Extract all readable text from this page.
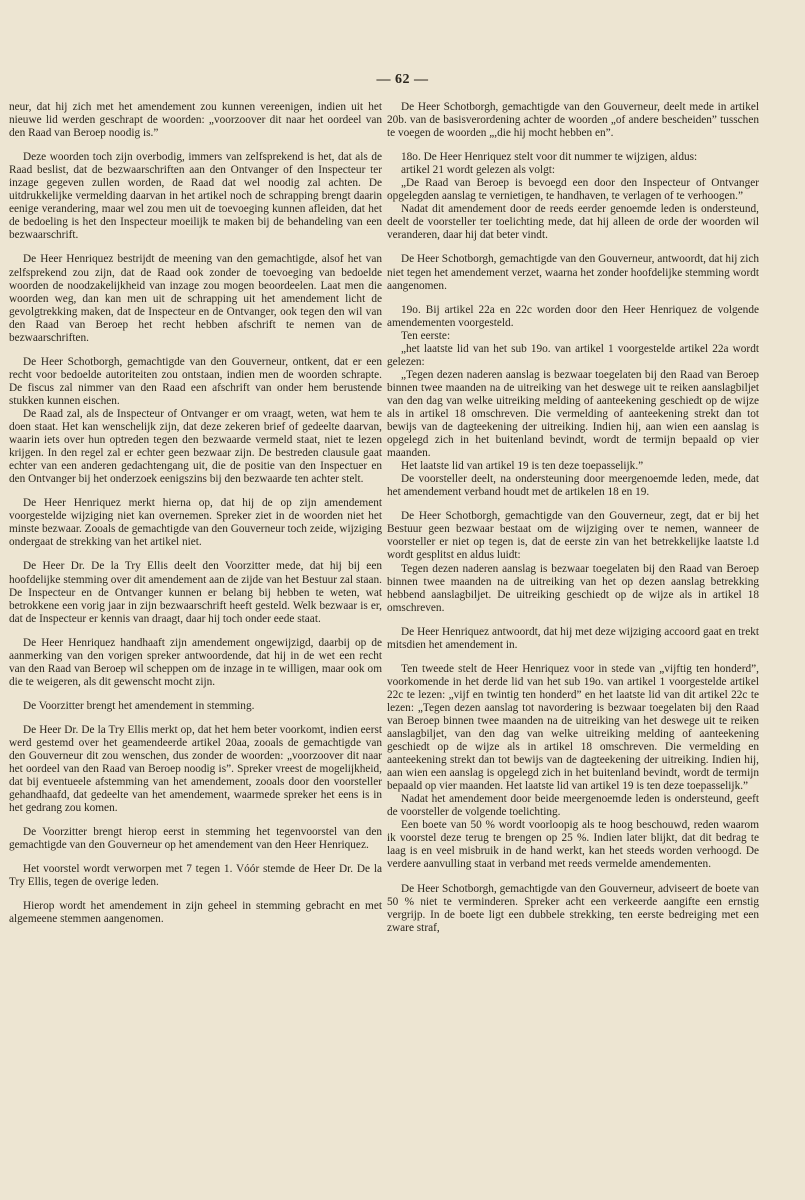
— 62 —

neur, dat hij zich met het amendement zou kunnen vereenigen, indien uit het nieuwe lid werden geschrapt de woorden: „voorzoover dit naar het oordeel van den Raad van Beroep noodig is.”

Deze woorden toch zijn overbodig, immers van zelfsprekend is het, dat als de Raad beslist, dat de bezwaarschriften aan den Ontvanger of den Inspecteur ter inzage gegeven zullen worden, de Raad dat wel noodig zal achten. De uitdrukkelijke vermelding daarvan in het artikel noch de schrapping brengt daarin eenige verandering, maar wel zou men uit de toevoeging kunnen afleiden, dat het de bedoeling is het den Inspecteur moeilijk te maken bij de behandeling van een bezwaarschrift.

De Heer Henriquez bestrijdt de meening van den gemachtigde, alsof het van zelfsprekend zou zijn, dat de Raad ook zonder de toevoeging van bedoelde woorden de noodzakelijkheid van inzage zou mogen beoordeelen. Laat men die woorden weg, dan kan men uit de schrapping uit het amendement licht de gevolgtrekking maken, dat de Inspecteur en de Ontvanger, ook tegen den wil van den Raad van Beroep het recht hebben afschrift te nemen van de bezwaarschriften.

De Heer Schotborgh, gemachtigde van den Gouverneur, ontkent, dat er een recht voor bedoelde autoriteiten zou ontstaan, indien men de woorden schrapte. De fiscus zal nimmer van den Raad een afschrift van onder hem berustende stukken kunnen eischen.

De Raad zal, als de Inspecteur of Ontvanger er om vraagt, weten, wat hem te doen staat. Het kan wenschelijk zijn, dat deze zekeren brief of gedeelte daarvan, waarin iets over hun optreden tegen den bezwaarde vermeld staat, niet te lezen krijgen. In den regel zal er echter geen bezwaar zijn. De bestreden clausule gaat echter van een anderen gedachtengang uit, die de positie van den Inspectuer en den Ontvanger bij het onderzoek eenigszins bij den bezwaarde ten achter stelt.

De Heer Henriquez merkt hierna op, dat hij de op zijn amendement voorgestelde wijziging niet kan overnemen. Spreker ziet in de woorden niet het minste bezwaar. Zooals de gemachtigde van den Gouverneur toch zeide, wijziging ondergaat de strekking van het artikel niet.

De Heer Dr. De la Try Ellis deelt den Voorzitter mede, dat hij bij een hoofdelijke stemming over dit amendement aan de zijde van het Bestuur zal staan. De Inspecteur en de Ontvanger kunnen er belang bij hebben te weten, wat betrokkene een vorig jaar in zijn bezwaarschrift heeft gesteld. Welk bezwaar is er, dat de Inspecteur er kennis van draagt, daar hij toch onder eede staat.

De Heer Henriquez handhaaft zijn amendement ongewijzigd, daarbij op de aanmerking van den vorigen spreker antwoordende, dat hij in de wet een recht van den Raad van Beroep wil scheppen om de inzage in te willigen, maar ook om die te weigeren, als dit gewenscht mocht zijn.

De Voorzitter brengt het amendement in stemming.

De Heer Dr. De la Try Ellis merkt op, dat het hem beter voorkomt, indien eerst werd gestemd over het geamendeerde artikel 20aa, zooals de gemachtigde van den Gouverneur dit zou wenschen, dus zonder de woorden: „voorzoover dit naar het oordeel van den Raad van Beroep noodig is”. Spreker vreest de mogelijkheid, dat bij eventueele afstemming van het amendement, zooals door den voorsteller gehandhaafd, dat gedeelte van het amendement, waarmede spreker het eens is in het gedrang zou komen.

De Voorzitter brengt hierop eerst in stemming het tegenvoorstel van den gemachtigde van den Gouverneur op het amendement van den Heer Henriquez.

Het voorstel wordt verworpen met 7 tegen 1. Vóór stemde de Heer Dr. De la Try Ellis, tegen de overige leden.

Hierop wordt het amendement in zijn geheel in stemming gebracht en met algemeene stemmen aangenomen.

De Heer Schotborgh, gemachtigde van den Gouverneur, deelt mede in artikel 20b. van de basisverordening achter de woorden „of andere bescheiden” tusschen te voegen de woorden „,die hij mocht hebben en”.

18o. De Heer Henriquez stelt voor dit nummer te wijzigen, aldus:

artikel 21 wordt gelezen als volgt:

„De Raad van Beroep is bevoegd een door den Inspecteur of Ontvanger opgelegden aanslag te vernietigen, te handhaven, te verlagen of te verhoogen.”

Nadat dit amendement door de reeds eerder genoemde leden is ondersteund, deelt de voorsteller ter toelichting mede, dat hij alleen de orde der woorden wil veranderen, daar hij dat beter vindt.

De Heer Schotborgh, gemachtigde van den Gouverneur, antwoordt, dat hij zich niet tegen het amendement verzet, waarna het zonder hoofdelijke stemming wordt aangenomen.

19o. Bij artikel 22a en 22c worden door den Heer Henriquez de volgende amendementen voorgesteld.

Ten eerste:

„het laatste lid van het sub 19o. van artikel 1 voorgestelde artikel 22a wordt gelezen:

„Tegen dezen naderen aanslag is bezwaar toegelaten bij den Raad van Beroep binnen twee maanden na de uitreiking van het deswege uit te reiken aanslagbiljet van den dag van welke uitreiking melding of aanteekening geschiedt op de wijze als in artikel 18 omschreven. Die vermelding of aanteekening strekt dan tot bewijs van de dagteekening der uitreiking. Indien hij, aan wien een aanslag is opgelegd zich in het buitenland bevindt, wordt de termijn bepaald op vier maanden.

Het laatste lid van artikel 19 is ten deze toepasselijk.”

De voorsteller deelt, na ondersteuning door meergenoemde leden, mede, dat het amendement verband houdt met de artikelen 18 en 19.

De Heer Schotborgh, gemachtigde van den Gouverneur, zegt, dat er bij het Bestuur geen bezwaar bestaat om de wijziging over te nemen, wanneer de voorsteller er niet op tegen is, dat de eerste zin van het betrekkelijke laatste l.d wordt gesplitst en aldus luidt:

Tegen dezen naderen aanslag is bezwaar toegelaten bij den Raad van Beroep binnen twee maanden na de uitreiking van het op dezen aanslag betrekking hebbend aanslagbiljet. De uitreiking geschiedt op de wijze als in artikel 18 omschreven.

De Heer Henriquez antwoordt, dat hij met deze wijziging accoord gaat en trekt mitsdien het amendement in.

Ten tweede stelt de Heer Henriquez voor in stede van „vijftig ten honderd”, voorkomende in het derde lid van het sub 19o. van artikel 1 voorgestelde artikel 22c te lezen: „vijf en twintig ten honderd” en het laatste lid van dit artikel 22c te lezen: „Tegen dezen aanslag tot navordering is bezwaar toegelaten bij den Raad van Beroep binnen twee maanden na de uitreiking van het deswege uit te reiken aanslagbiljet, van den dag van welke uitreiking melding of aanteekening geschiedt op de wijze als in artikel 18 omschreven. Die vermelding en aanteekening strekt dan tot bewijs van de dagteekening der uitreiking. Indien hij, aan wien een aanslag is opgelegd zich in het buitenland bevindt, wordt de termijn bepaald op vier maanden. Het laatste lid van artikel 19 is ten deze toepasselijk.”

Nadat het amendement door beide meergenoemde leden is ondersteund, geeft de voorsteller de volgende toelichting.

Een boete van 50 % wordt voorloopig als te hoog beschouwd, reden waarom ik voorstel deze terug te brengen op 25 %. Indien later blijkt, dat dit bedrag te laag is en veel misbruik in de hand werkt, kan het steeds worden verhoogd. De verdere aanvulling staat in verband met reeds vermelde amendementen.

De Heer Schotborgh, gemachtigde van den Gouverneur, adviseert de boete van 50 % niet te verminderen. Spreker acht een verkeerde aangifte een ernstig vergrijp. In de boete ligt een dubbele strekking, ten eerste bedreiging met een zware straf,
